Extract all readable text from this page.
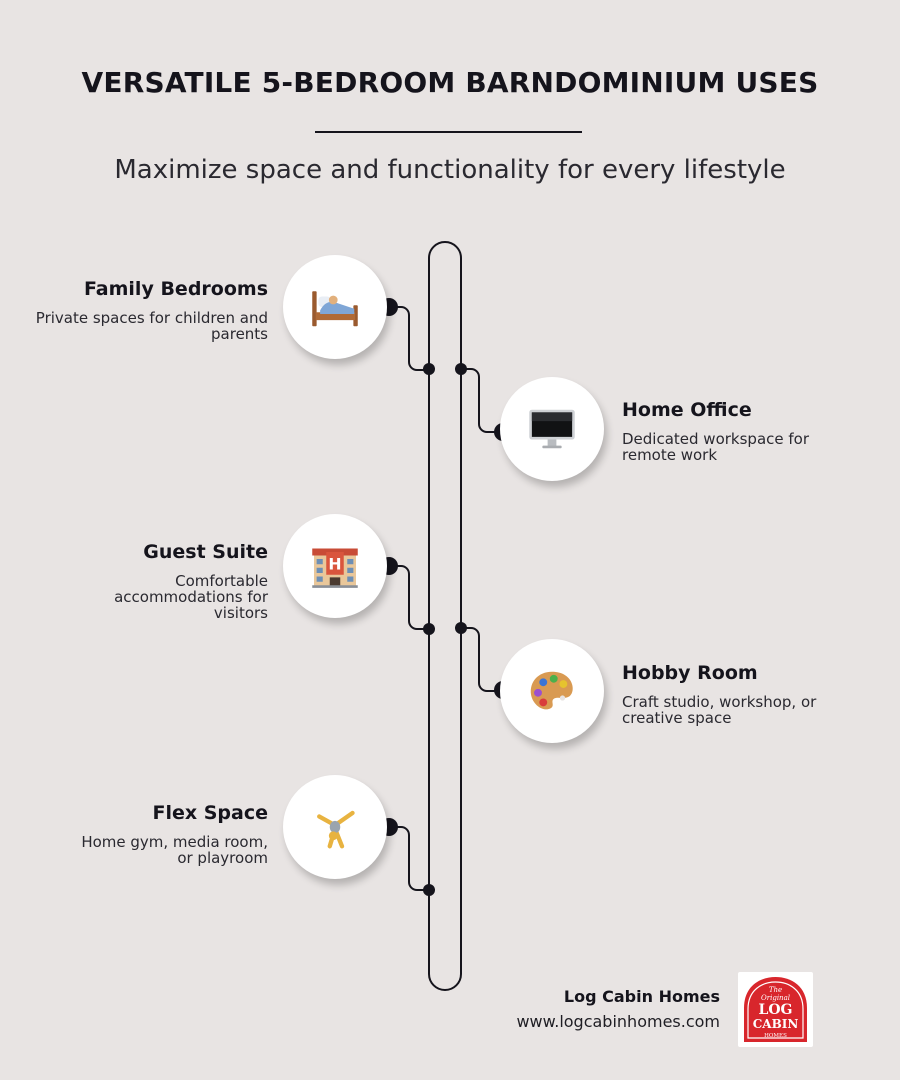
VERSATILE 5-BEDROOM BARNDOMINIUM USES
Maximize space and functionality for every lifestyle
Family Bedrooms
Private spaces for children and parents
Home Office
Dedicated workspace for remote work
H
Guest Suite
Comfortable accommodations for visitors
Hobby Room
Craft studio, workshop, or creative space
Flex Space
Home gym, media room, or playroom
Log Cabin Homes
www.logcabinhomes.com
The
Original
LOG
CABIN
HOMES
